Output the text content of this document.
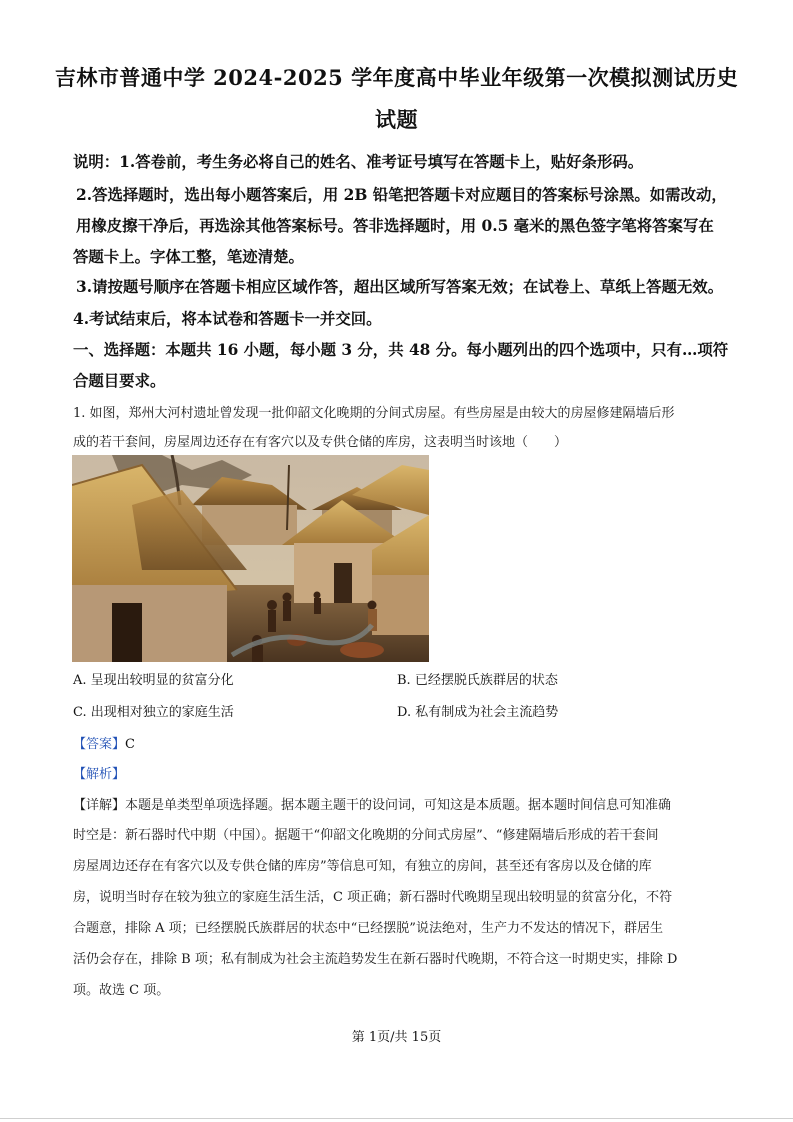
吉林市普通中学 2024-2025 学年度高中毕业年级第一次模拟测试历史
试题

说明：1.答卷前，考生务必将自己的姓名、准考证号填写在答题卡上，贴好条形码。

2.答选择题时，选出每小题答案后，用 2B 铅笔把答题卡对应题目的答案标号涂黑。如需改动，

用橡皮擦干净后，再选涂其他答案标号。答非选择题时，用 0.5 毫米的黑色签字笔将答案写在

答题卡上。字体工整，笔迹清楚。

3.请按题号顺序在答题卡相应区域作答，超出区域所写答案无效；在试卷上、草纸上答题无效。

4.考试结束后，将本试卷和答题卡一并交回。

一、选择题：本题共 16 小题，每小题 3 分，共 48 分。每小题列出的四个选项中，只有…项符

合题目要求。

1. 如图，郑州大河村遗址曾发现一批仰韶文化晚期的分间式房屋。有些房屋是由较大的房屋修建隔墙后形

成的若干套间，房屋周边还存在有客穴以及专供仓储的库房，这表明当时该地（　　）

A. 呈现出较明显的贫富分化	B. 已经摆脱氏族群居的状态

C. 出现相对独立的家庭生活	D. 私有制成为社会主流趋势

【答案】C

【解析】

【详解】本题是单类型单项选择题。据本题主题干的设问词，可知这是本质题。据本题时间信息可知准确

时空是：新石器时代中期（中国）。据题干“仰韶文化晚期的分间式房屋”、“修建隔墙后形成的若干套间

房屋周边还存在有客穴以及专供仓储的库房”等信息可知，有独立的房间，甚至还有客房以及仓储的库

房，说明当时存在较为独立的家庭生活生活，C 项正确；新石器时代晚期呈现出较明显的贫富分化，不符

合题意，排除 A 项；已经摆脱氏族群居的状态中“已经摆脱”说法绝对，生产力不发达的情况下，群居生

活仍会存在，排除 B 项；私有制成为社会主流趋势发生在新石器时代晚期，不符合这一时期史实，排除 D

项。故选 C 项。

第 1页/共 15页
